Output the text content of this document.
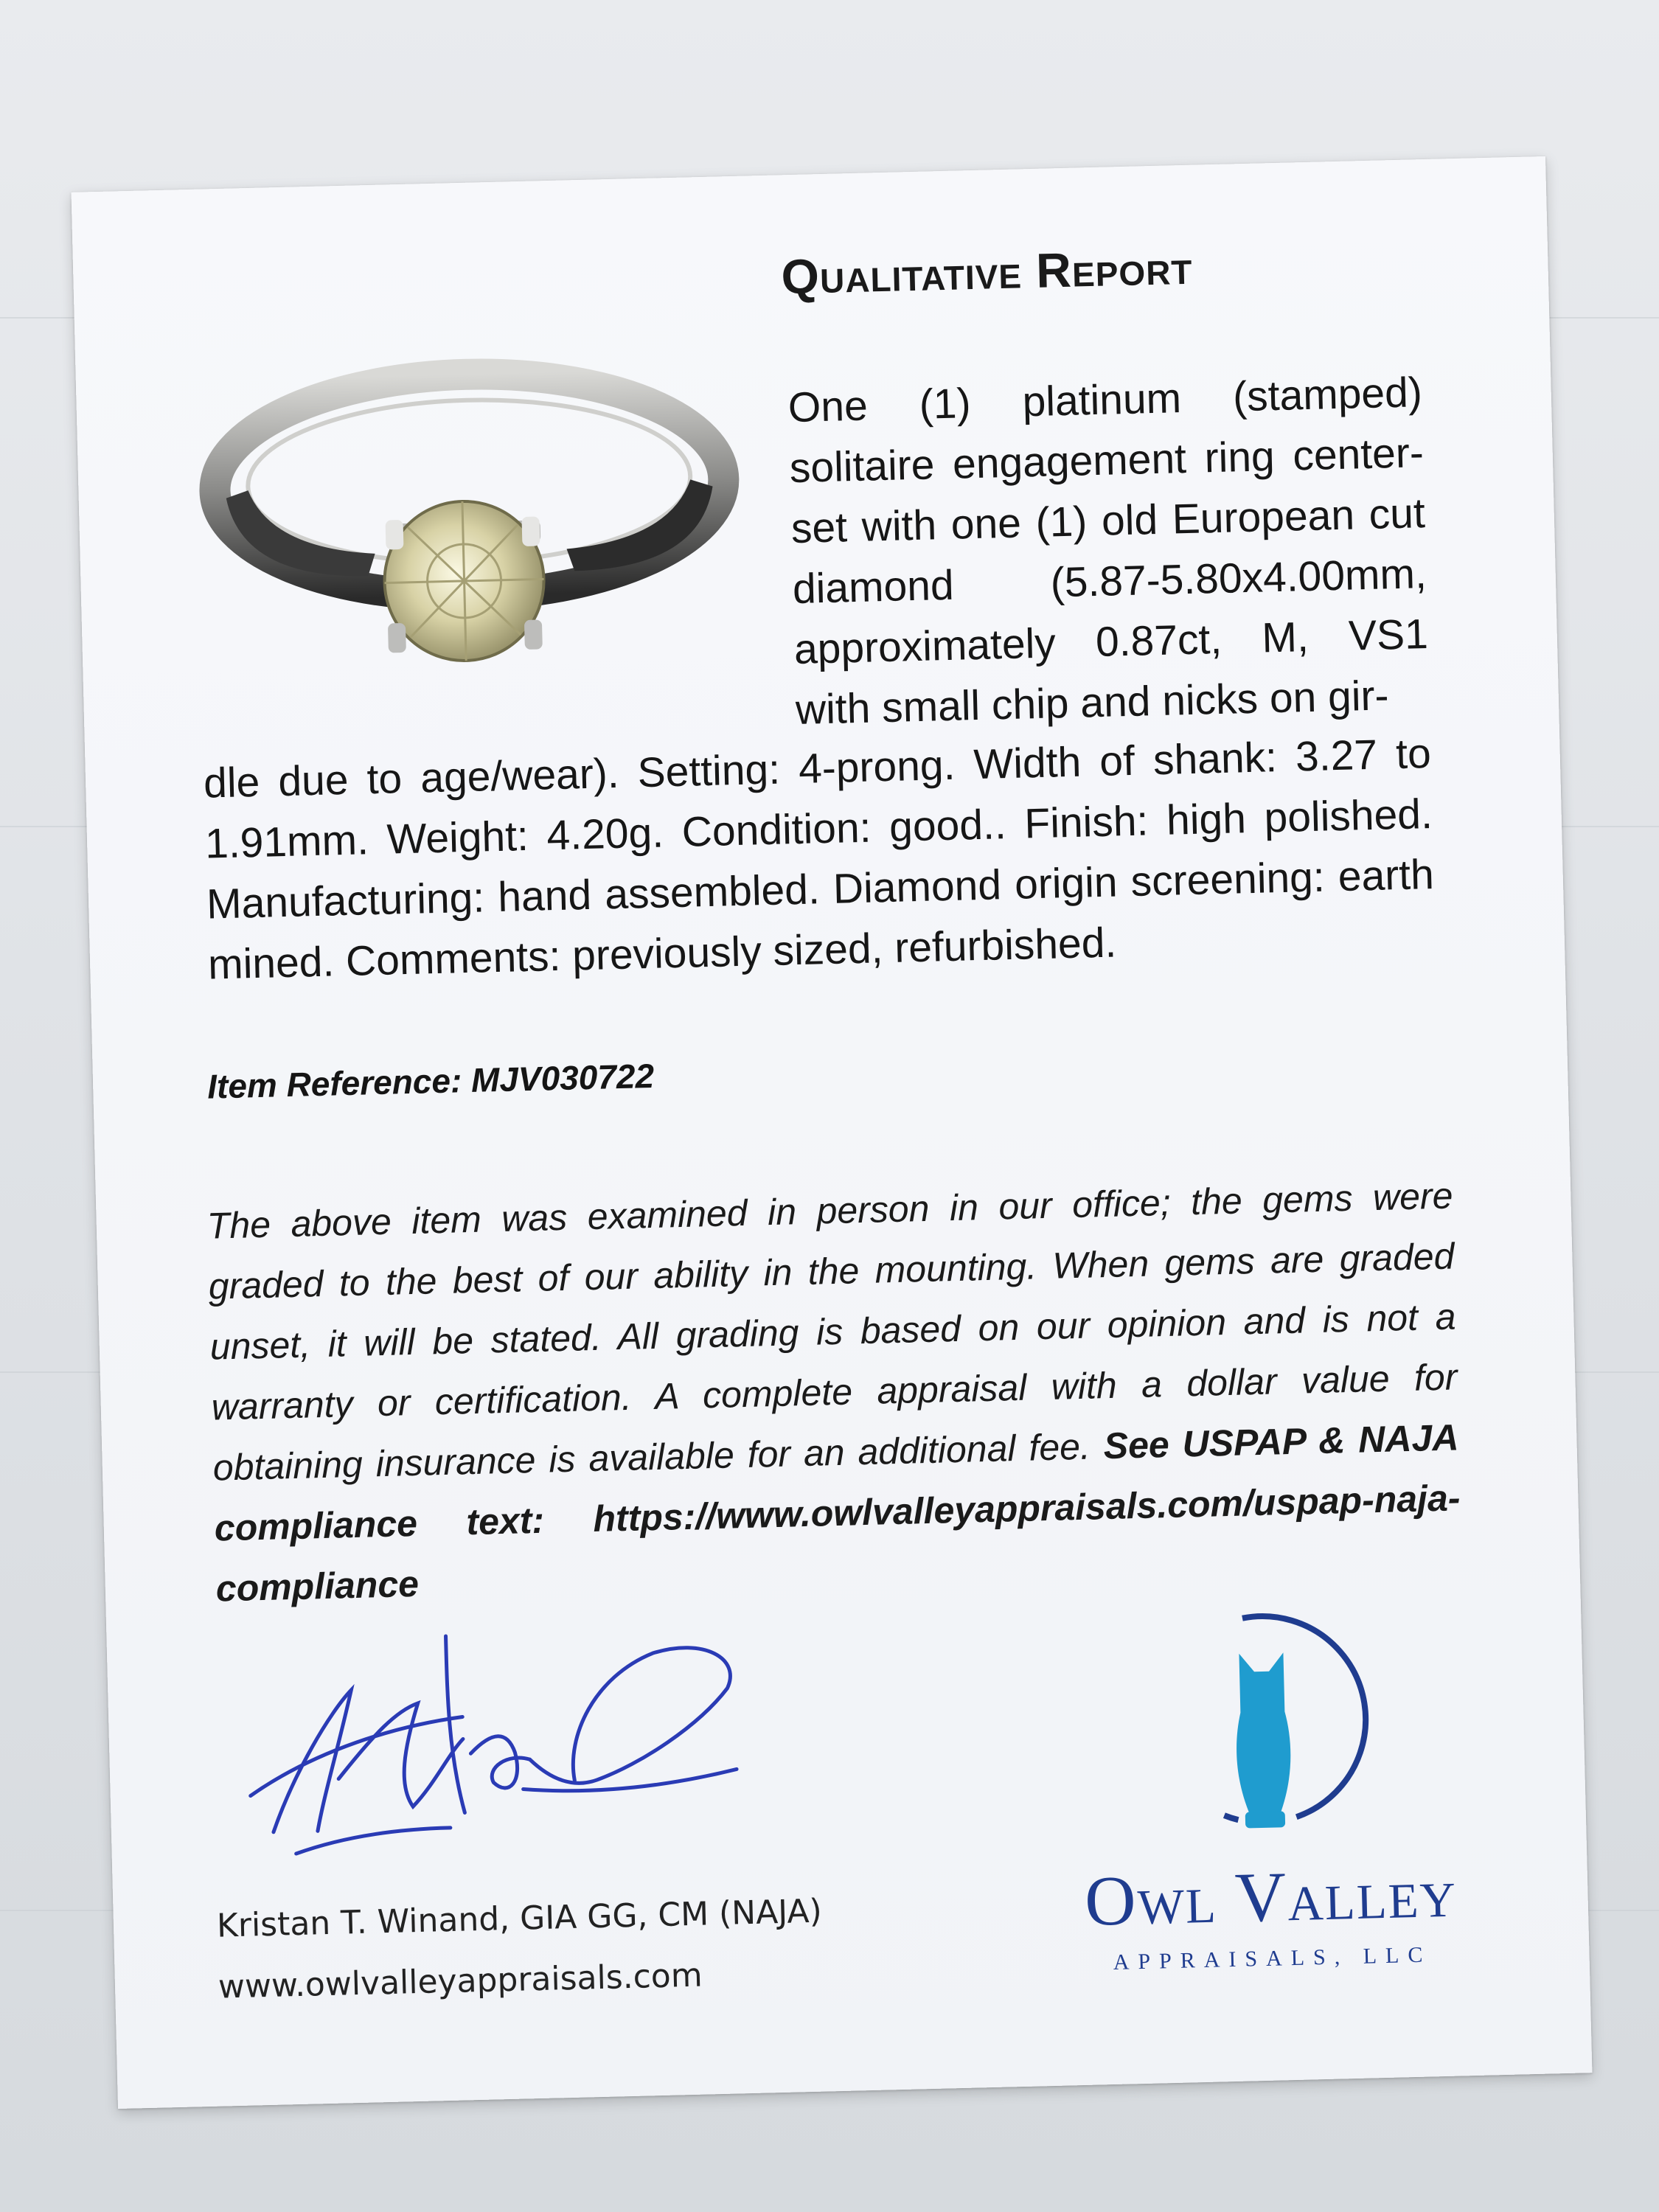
Qualitative Report
One (1) platinum (stamped) solitaire engagement ring center-set with one (1) old European cut diamond (5.87-5.80x4.00mm, approximately 0.87ct, M, VS1 with small chip and nicks on gir-
dle due to age/wear). Setting: 4-prong. Width of shank: 3.27 to 1.91mm. Weight: 4.20g. Condition: good.. Finish: high polished. Manufacturing: hand assembled. Diamond origin screening: earth mined. Comments: previously sized, refurbished.
Item Reference: MJV030722
The above item was examined in person in our office; the gems were graded to the best of our ability in the mounting. When gems are graded unset, it will be stated. All grading is based on our opinion and is not a warranty or certification. A complete appraisal with a dollar value for obtaining insurance is available for an additional fee. See USPAP & NAJA compliance text: https://www.owlvalleyappraisals.com/uspap-naja-compliance
Kristan T. Winand, GIA GG, CM (NAJA)
www.owlvalleyappraisals.com
Owl Valley
APPRAISALS, LLC
